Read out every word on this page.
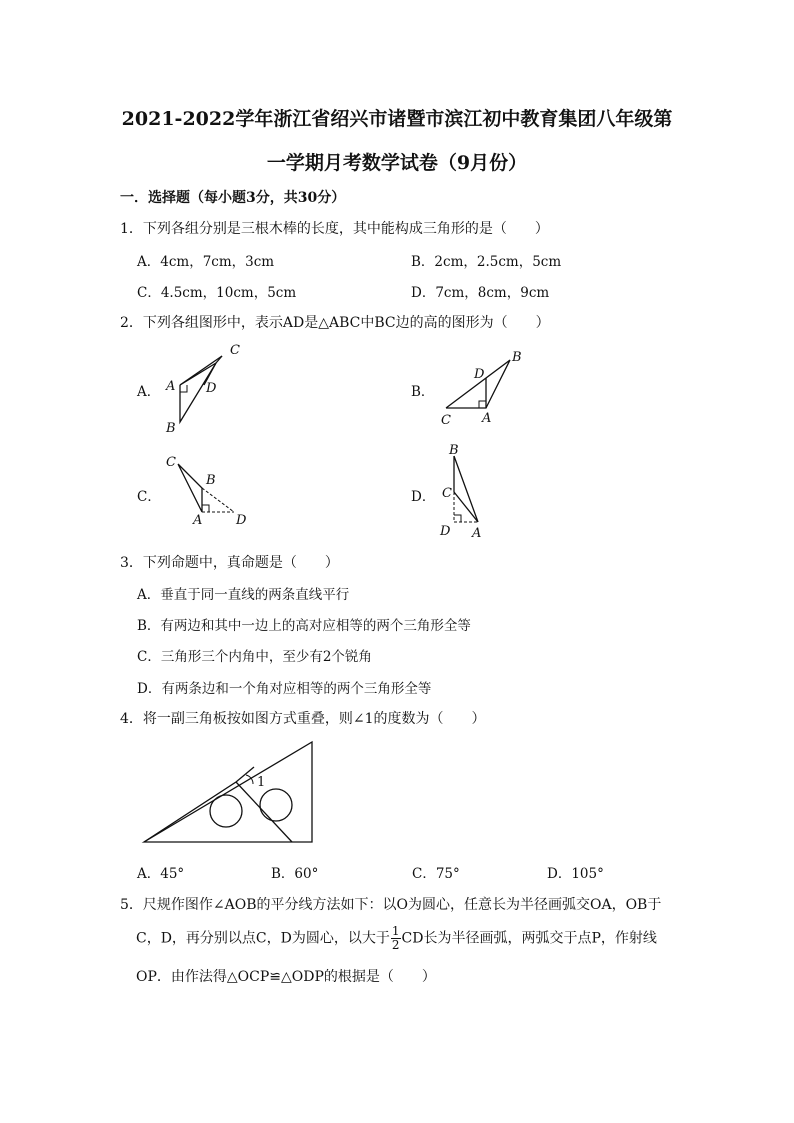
2021-2022学年浙江省绍兴市诸暨市滨江初中教育集团八年级第
一学期月考数学试卷（9月份）
一．选择题（每小题3分，共30分）
1．下列各组分别是三根木棒的长度，其中能构成三角形的是（　　）
A．4cm，7cm，3cm	B．2cm，2.5cm，5cm
C．4.5cm，10cm，5cm	D．7cm，8cm，9cm
2．下列各组图形中，表示AD是△ABC中BC边的高的图形为（　　）
A．
C
A D
B
B．
B
D
C A
C．
C
B
A	D
D．
B
C
D A
3．下列命题中，真命题是（　　）
A．垂直于同一直线的两条直线平行
B．有两边和其中一边上的高对应相等的两个三角形全等
C．三角形三个内角中，至少有2个锐角
D．有两条边和一个角对应相等的两个三角形全等
4．将一副三角板按如图方式重叠，则∠1的度数为（　　）
1
A．45°	B．60°	C．75°	D．105°
5．尺规作图作∠AOB的平分线方法如下：以O为圆心，任意长为半径画弧交OA，OB于
C，D，再分别以点C，D为圆心，以大于 $\frac{1}{2}$ CD长为半径画弧，两弧交于点P，作射线
OP．由作法得△OCP≌△ODP的根据是（　　）
